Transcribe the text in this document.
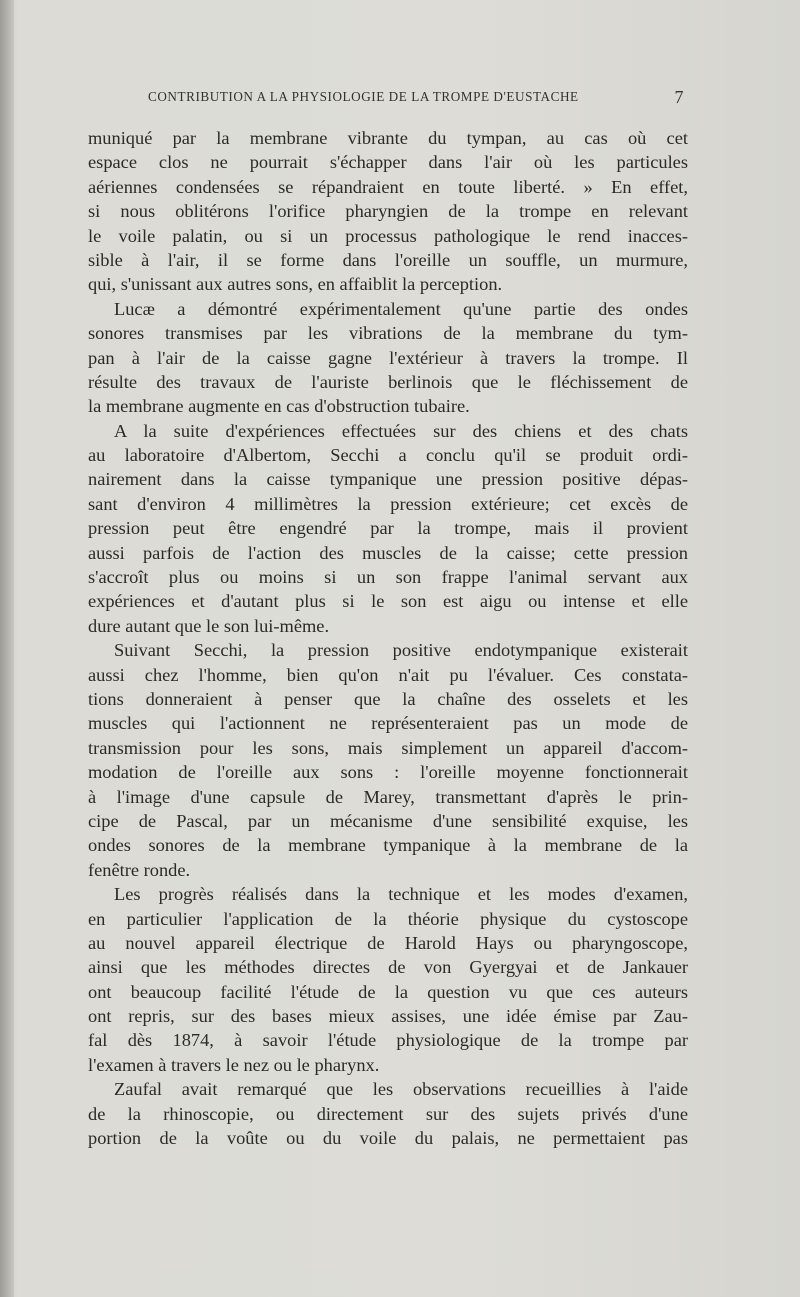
CONTRIBUTION A LA PHYSIOLOGIE DE LA TROMPE D'EUSTACHE	7
muniqué par la membrane vibrante du tympan, au cas où cet
espace clos ne pourrait s'échapper dans l'air où les particules
aériennes condensées se répandraient en toute liberté. » En effet,
si nous oblitérons l'orifice pharyngien de la trompe en relevant
le voile palatin, ou si un processus pathologique le rend inacces-
sible à l'air, il se forme dans l'oreille un souffle, un murmure,
qui, s'unissant aux autres sons, en affaiblit la perception.
Lucæ a démontré expérimentalement qu'une partie des ondes
sonores transmises par les vibrations de la membrane du tym-
pan à l'air de la caisse gagne l'extérieur à travers la trompe. Il
résulte des travaux de l'auriste berlinois que le fléchissement de
la membrane augmente en cas d'obstruction tubaire.
A la suite d'expériences effectuées sur des chiens et des chats
au laboratoire d'Albertom, Secchi a conclu qu'il se produit ordi-
nairement dans la caisse tympanique une pression positive dépas-
sant d'environ 4 millimètres la pression extérieure; cet excès de
pression peut être engendré par la trompe, mais il provient
aussi parfois de l'action des muscles de la caisse; cette pression
s'accroît plus ou moins si un son frappe l'animal servant aux
expériences et d'autant plus si le son est aigu ou intense et elle
dure autant que le son lui-même.
Suivant Secchi, la pression positive endotympanique existerait
aussi chez l'homme, bien qu'on n'ait pu l'évaluer. Ces constata-
tions donneraient à penser que la chaîne des osselets et les
muscles qui l'actionnent ne représenteraient pas un mode de
transmission pour les sons, mais simplement un appareil d'accom-
modation de l'oreille aux sons : l'oreille moyenne fonctionnerait
à l'image d'une capsule de Marey, transmettant d'après le prin-
cipe de Pascal, par un mécanisme d'une sensibilité exquise, les
ondes sonores de la membrane tympanique à la membrane de la
fenêtre ronde.
Les progrès réalisés dans la technique et les modes d'examen,
en particulier l'application de la théorie physique du cystoscope
au nouvel appareil électrique de Harold Hays ou pharyngoscope,
ainsi que les méthodes directes de von Gyergyai et de Jankauer
ont beaucoup facilité l'étude de la question vu que ces auteurs
ont repris, sur des bases mieux assises, une idée émise par Zau-
fal dès 1874, à savoir l'étude physiologique de la trompe par
l'examen à travers le nez ou le pharynx.
Zaufal avait remarqué que les observations recueillies à l'aide
de la rhinoscopie, ou directement sur des sujets privés d'une
portion de la voûte ou du voile du palais, ne permettaient pas
